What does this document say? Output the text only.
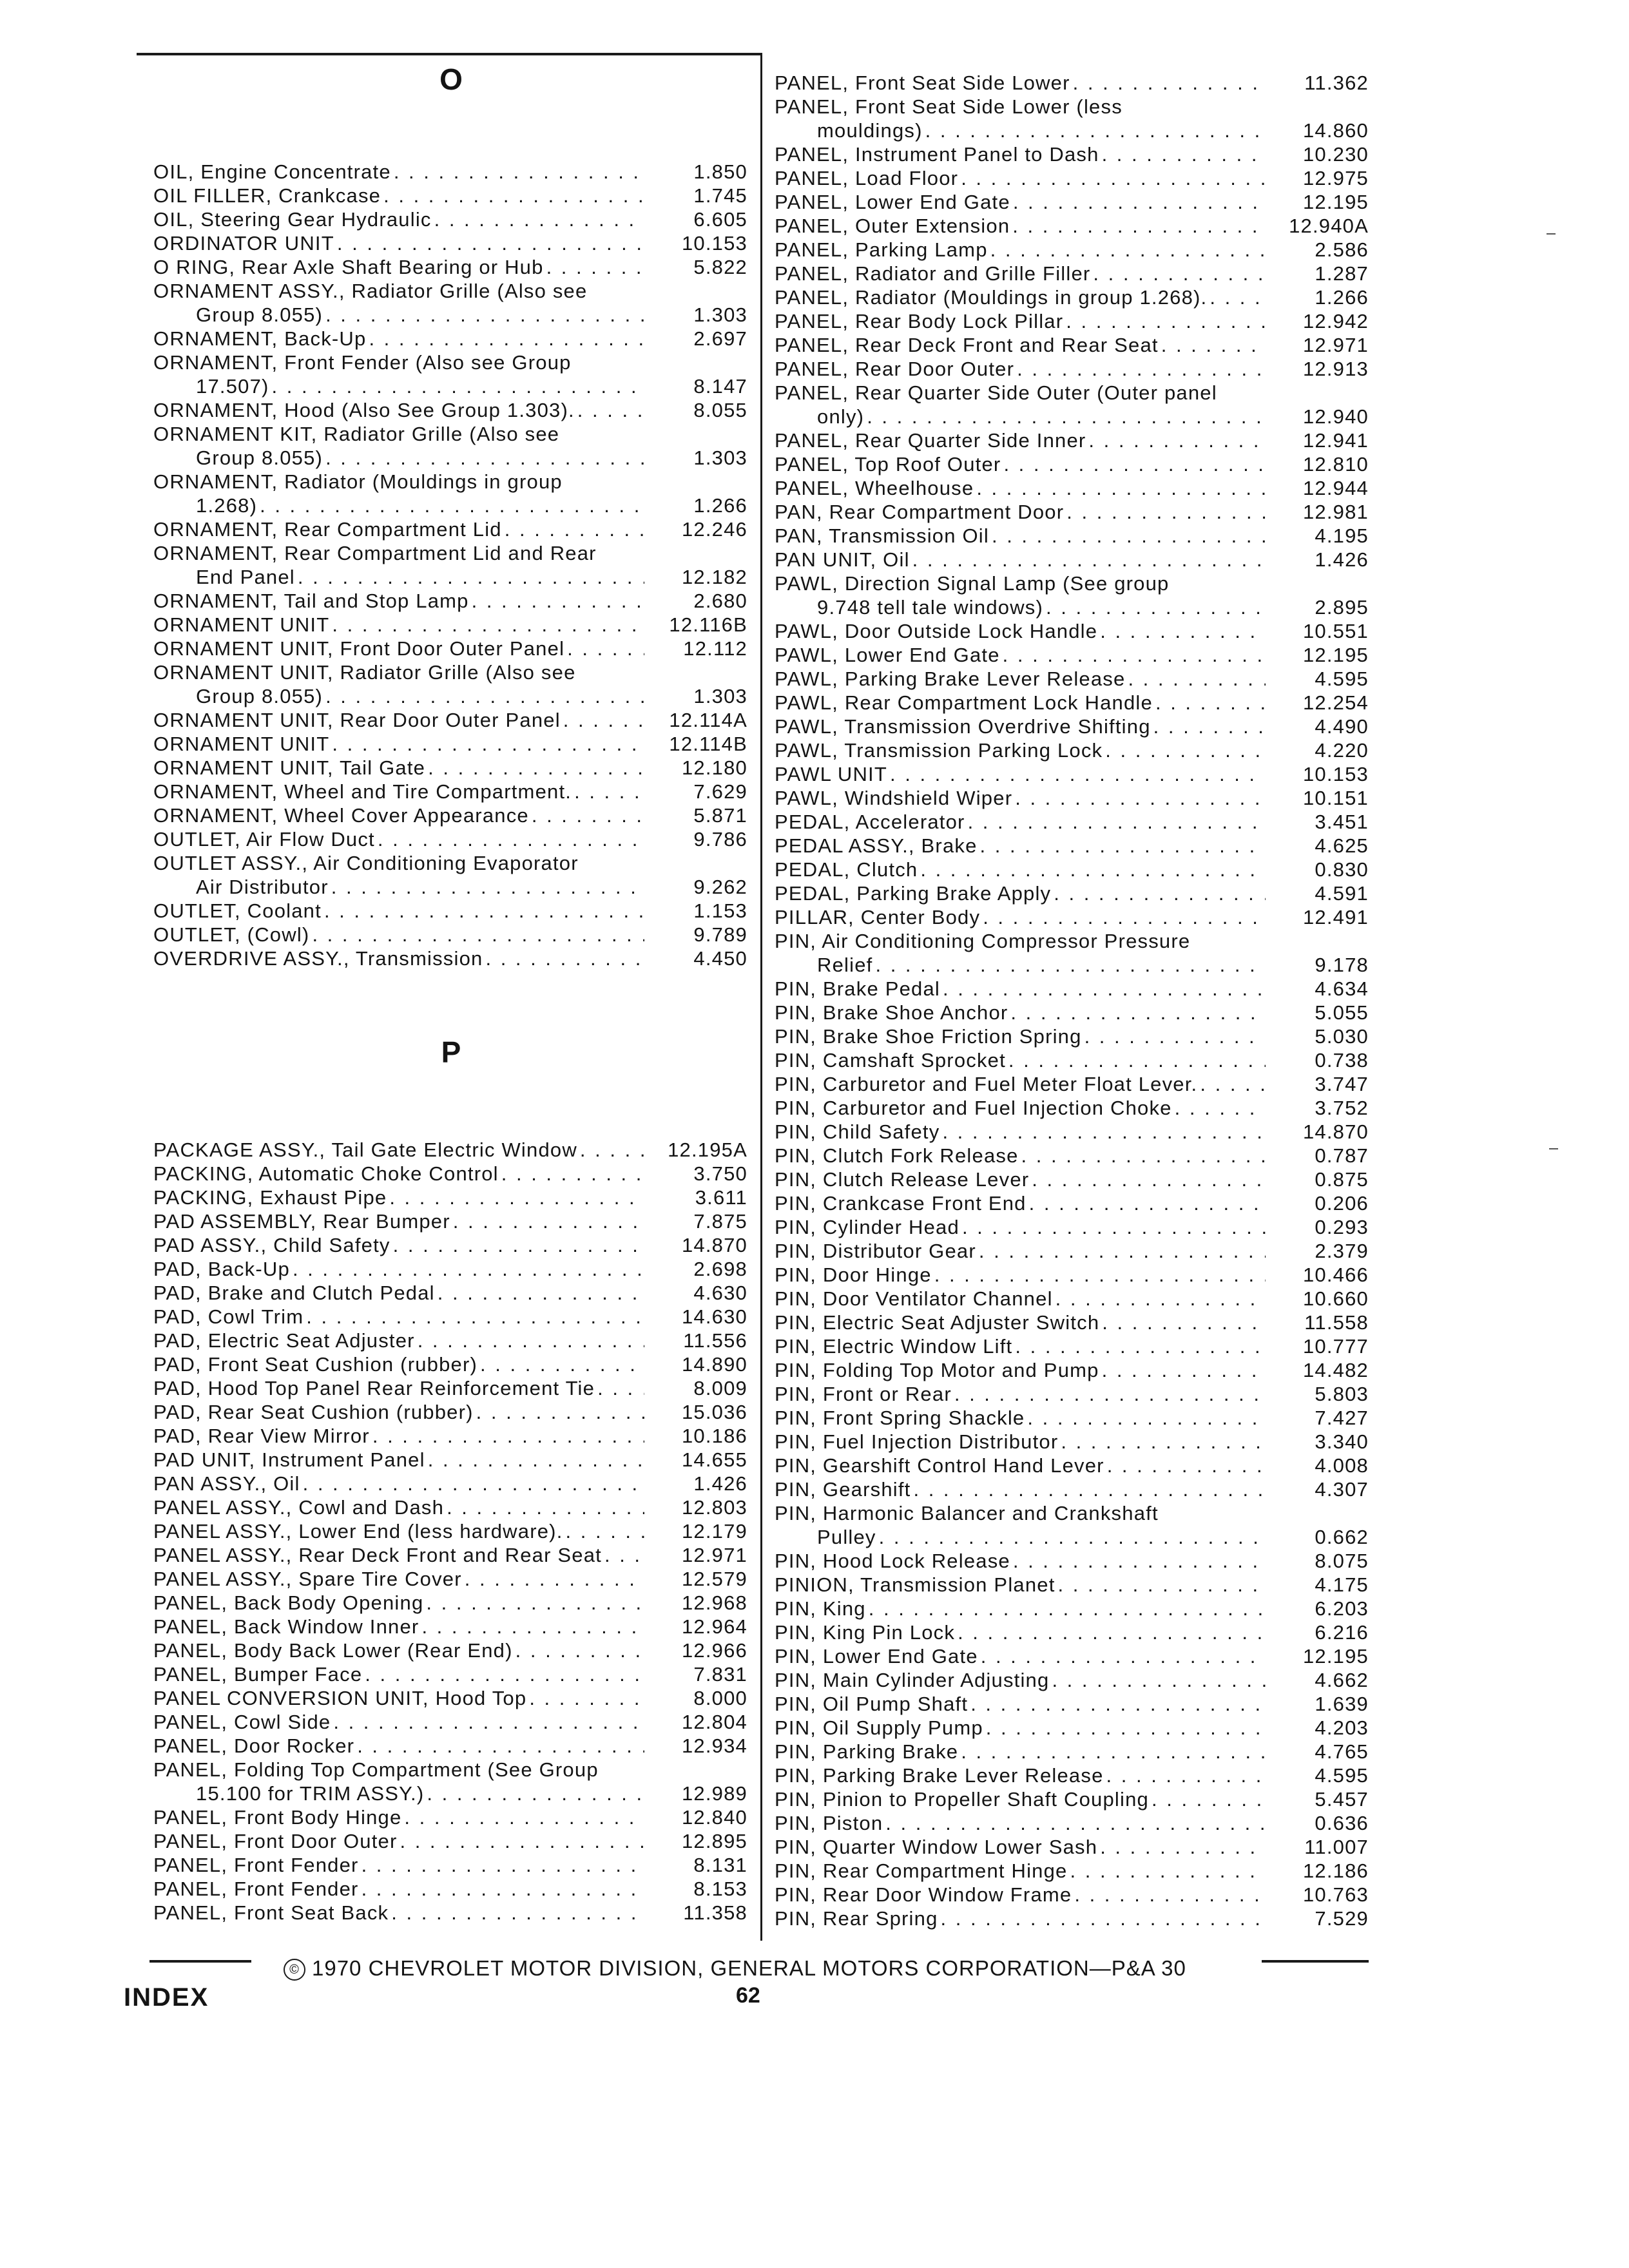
O
P
OIL, Engine Concentrate . . .	1.850
OIL FILLER, Crankcase . . .	1.745
OIL, Steering Gear Hydraulic . . .	6.605
ORDINATOR UNIT . . .	10.153
O RING, Rear Axle Shaft Bearing or Hub . . .	5.822
ORNAMENT ASSY., Radiator Grille (Also see
Group 8.055) . . .	1.303
ORNAMENT, Back-Up . . .	2.697
ORNAMENT, Front Fender (Also see Group
17.507) . . .	8.147
ORNAMENT, Hood (Also See Group 1.303). . . .	8.055
ORNAMENT KIT, Radiator Grille (Also see
Group 8.055) . . .	1.303
ORNAMENT, Radiator (Mouldings in group
1.268) . . .	1.266
ORNAMENT, Rear Compartment Lid . . .	12.246
ORNAMENT, Rear Compartment Lid and Rear
End Panel . . .	12.182
ORNAMENT, Tail and Stop Lamp . . .	2.680
ORNAMENT UNIT . . .	12.116B
ORNAMENT UNIT, Front Door Outer Panel . . .	12.112
ORNAMENT UNIT, Radiator Grille (Also see
Group 8.055) . . .	1.303
ORNAMENT UNIT, Rear Door Outer Panel . . .	12.114A
ORNAMENT UNIT . . .	12.114B
ORNAMENT UNIT, Tail Gate . . .	12.180
ORNAMENT, Wheel and Tire Compartment. . . .	7.629
ORNAMENT, Wheel Cover Appearance . . .	5.871
OUTLET, Air Flow Duct . . .	9.786
OUTLET ASSY., Air Conditioning Evaporator
Air Distributor . . .	9.262
OUTLET, Coolant . . .	1.153
OUTLET, (Cowl) . . .	9.789
OVERDRIVE ASSY., Transmission . . .	4.450
PACKAGE ASSY., Tail Gate Electric Window . . .	12.195A
PACKING, Automatic Choke Control . . .	3.750
PACKING, Exhaust Pipe . . .	3.611
PAD ASSEMBLY, Rear Bumper . . .	7.875
PAD ASSY., Child Safety . . .	14.870
PAD, Back-Up . . .	2.698
PAD, Brake and Clutch Pedal . . .	4.630
PAD, Cowl Trim . . .	14.630
PAD, Electric Seat Adjuster . . .	11.556
PAD, Front Seat Cushion (rubber) . . .	14.890
PAD, Hood Top Panel Rear Reinforcement Tie . . .	8.009
PAD, Rear Seat Cushion (rubber) . . .	15.036
PAD, Rear View Mirror . . .	10.186
PAD UNIT, Instrument Panel . . .	14.655
PAN ASSY., Oil . . .	1.426
PANEL ASSY., Cowl and Dash . . .	12.803
PANEL ASSY., Lower End (less hardware). . . .	12.179
PANEL ASSY., Rear Deck Front and Rear Seat . . .	12.971
PANEL ASSY., Spare Tire Cover . . .	12.579
PANEL, Back Body Opening . . .	12.968
PANEL, Back Window Inner . . .	12.964
PANEL, Body Back Lower (Rear End) . . .	12.966
PANEL, Bumper Face . . .	7.831
PANEL CONVERSION UNIT, Hood Top . . .	8.000
PANEL, Cowl Side . . .	12.804
PANEL, Door Rocker . . .	12.934
PANEL, Folding Top Compartment (See Group
15.100 for TRIM ASSY.) . . .	12.989
PANEL, Front Body Hinge . . .	12.840
PANEL, Front Door Outer . . .	12.895
PANEL, Front Fender . . .	8.131
PANEL, Front Fender . . .	8.153
PANEL, Front Seat Back . . .	11.358
PANEL, Front Seat Side Lower . . .	11.362
PANEL, Front Seat Side Lower (less
mouldings) . . .	14.860
PANEL, Instrument Panel to Dash . . .	10.230
PANEL, Load Floor . . .	12.975
PANEL, Lower End Gate . . .	12.195
PANEL, Outer Extension . . .	12.940A
PANEL, Parking Lamp . . .	2.586
PANEL, Radiator and Grille Filler . . .	1.287
PANEL, Radiator (Mouldings in group 1.268). . . .	1.266
PANEL, Rear Body Lock Pillar . . .	12.942
PANEL, Rear Deck Front and Rear Seat . . .	12.971
PANEL, Rear Door Outer . . .	12.913
PANEL, Rear Quarter Side Outer (Outer panel
only) . . .	12.940
PANEL, Rear Quarter Side Inner . . .	12.941
PANEL, Top Roof Outer . . .	12.810
PANEL, Wheelhouse . . .	12.944
PAN, Rear Compartment Door . . .	12.981
PAN, Transmission Oil . . .	4.195
PAN UNIT, Oil . . .	1.426
PAWL, Direction Signal Lamp (See group
9.748 tell tale windows) . . .	2.895
PAWL, Door Outside Lock Handle . . .	10.551
PAWL, Lower End Gate . . .	12.195
PAWL, Parking Brake Lever Release . . .	4.595
PAWL, Rear Compartment Lock Handle . . .	12.254
PAWL, Transmission Overdrive Shifting . . .	4.490
PAWL, Transmission Parking Lock . . .	4.220
PAWL UNIT . . .	10.153
PAWL, Windshield Wiper . . .	10.151
PEDAL, Accelerator . . .	3.451
PEDAL ASSY., Brake . . .	4.625
PEDAL, Clutch . . .	0.830
PEDAL, Parking Brake Apply . . .	4.591
PILLAR, Center Body . . .	12.491
PIN, Air Conditioning Compressor Pressure
Relief . . .	9.178
PIN, Brake Pedal . . .	4.634
PIN, Brake Shoe Anchor . . .	5.055
PIN, Brake Shoe Friction Spring . . .	5.030
PIN, Camshaft Sprocket . . .	0.738
PIN, Carburetor and Fuel Meter Float Lever. . . .	3.747
PIN, Carburetor and Fuel Injection Choke . . .	3.752
PIN, Child Safety . . .	14.870
PIN, Clutch Fork Release . . .	0.787
PIN, Clutch Release Lever . . .	0.875
PIN, Crankcase Front End . . .	0.206
PIN, Cylinder Head . . .	0.293
PIN, Distributor Gear . . .	2.379
PIN, Door Hinge . . .	10.466
PIN, Door Ventilator Channel . . .	10.660
PIN, Electric Seat Adjuster Switch . . .	11.558
PIN, Electric Window Lift . . .	10.777
PIN, Folding Top Motor and Pump . . .	14.482
PIN, Front or Rear . . .	5.803
PIN, Front Spring Shackle . . .	7.427
PIN, Fuel Injection Distributor . . .	3.340
PIN, Gearshift Control Hand Lever . . .	4.008
PIN, Gearshift . . .	4.307
PIN, Harmonic Balancer and Crankshaft
Pulley . . .	0.662
PIN, Hood Lock Release . . .	8.075
PINION, Transmission Planet . . .	4.175
PIN, King . . .	6.203
PIN, King Pin Lock . . .	6.216
PIN, Lower End Gate . . .	12.195
PIN, Main Cylinder Adjusting . . .	4.662
PIN, Oil Pump Shaft . . .	1.639
PIN, Oil Supply Pump . . .	4.203
PIN, Parking Brake . . .	4.765
PIN, Parking Brake Lever Release . . .	4.595
PIN, Pinion to Propeller Shaft Coupling . . .	5.457
PIN, Piston . . .	0.636
PIN, Quarter Window Lower Sash . . .	11.007
PIN, Rear Compartment Hinge . . .	12.186
PIN, Rear Door Window Frame . . .	10.763
PIN, Rear Spring . . .	7.529
INDEX
© 1970 CHEVROLET MOTOR DIVISION, GENERAL MOTORS CORPORATION—P&A 30
62
